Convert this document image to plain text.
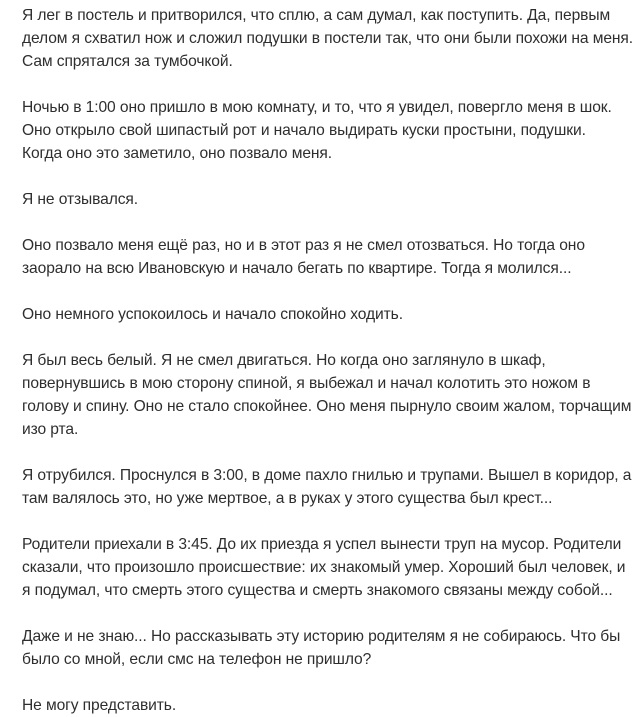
Я лег в постель и притворился, что сплю, а сам думал, как поступить. Да, первым
делом я схватил нож и сложил подушки в постели так, что они были похожи на меня.
Сам спрятался за тумбочкой.

Ночью в 1:00 оно пришло в мою комнату, и то, что я увидел, повергло меня в шок.
Оно открыло свой шипастый рот и начало выдирать куски простыни, подушки.
Когда оно это заметило, оно позвало меня.

Я не отзывался.

Оно позвало меня ещё раз, но и в этот раз я не смел отозваться. Но тогда оно
заорало на всю Ивановскую и начало бегать по квартире. Тогда я молился...

Оно немного успокоилось и начало спокойно ходить.

Я был весь белый. Я не смел двигаться. Но когда оно заглянуло в шкаф,
повернувшись в мою сторону спиной, я выбежал и начал колотить это ножом в
голову и спину. Оно не стало спокойнее. Оно меня пырнуло своим жалом, торчащим
изо рта.

Я отрубился. Проснулся в 3:00, в доме пахло гнилью и трупами. Вышел в коридор, а
там валялось это, но уже мертвое, а в руках у этого существа был крест...

Родители приехали в 3:45. До их приезда я успел вынести труп на мусор. Родители
сказали, что произошло происшествие: их знакомый умер. Хороший был человек, и
я подумал, что смерть этого существа и смерть знакомого связаны между собой...

Даже и не знаю... Но рассказывать эту историю родителям я не собираюсь. Что бы
было со мной, если смс на телефон не пришло?

Не могу представить.
